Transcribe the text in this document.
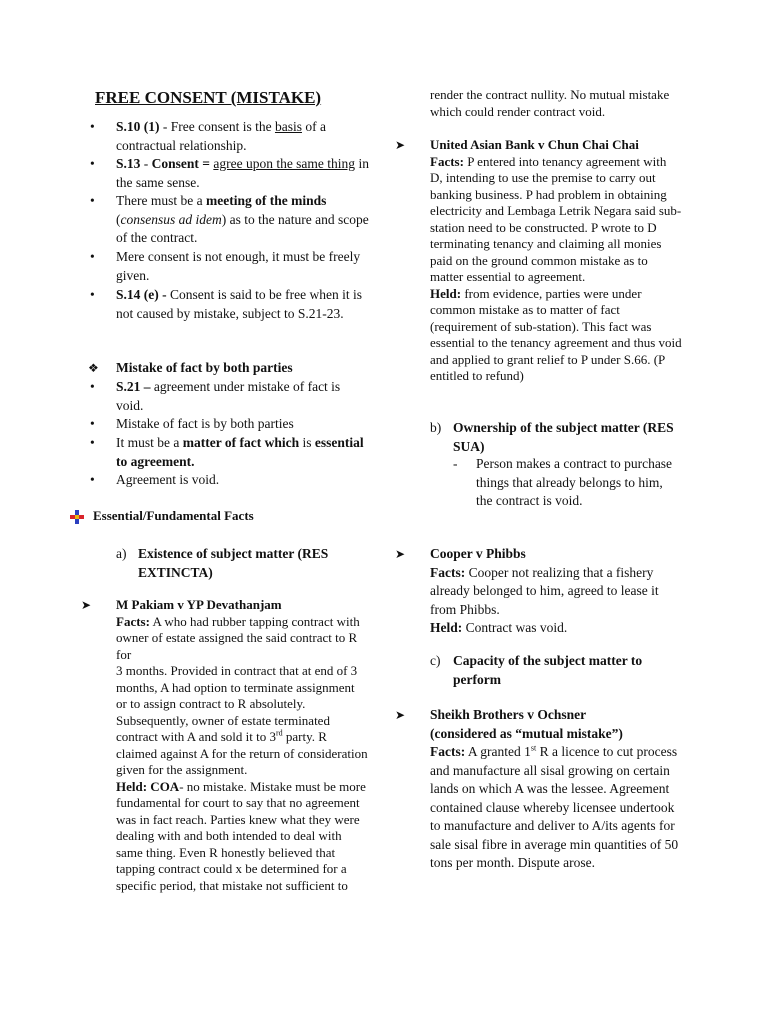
FREE CONSENT (MISTAKE)
• S.10 (1) - Free consent is the basis of a contractual relationship.
• S.13 - Consent = agree upon the same thing in the same sense.
• There must be a meeting of the minds (consensus ad idem) as to the nature and scope of the contract.
• Mere consent is not enough, it must be freely given.
• S.14 (e) - Consent is said to be free when it is not caused by mistake, subject to S.21-23.
❖ Mistake of fact by both parties
• S.21 – agreement under mistake of fact is void.
• Mistake of fact is by both parties
• It must be a matter of fact which is essential to agreement.
• Agreement is void.
Essential/Fundamental Facts
a) Existence of subject matter (RES EXTINCTA)
➤ M Pakiam v YP Devathanjam
Facts: A who had rubber tapping contract with owner of estate assigned the said contract to R for
3 months. Provided in contract that at end of 3 months, A had option to terminate assignment or to assign contract to R absolutely. Subsequently, owner of estate terminated contract with A and sold it to 3rd party. R claimed against A for the return of consideration given for the assignment.
Held: COA- no mistake. Mistake must be more fundamental for court to say that no agreement was in fact reach. Parties knew what they were dealing with and both intended to deal with same thing. Even R honestly believed that tapping contract could x be determined for a specific period, that mistake not sufficient to
render the contract nullity. No mutual mistake which could render contract void.
➤ United Asian Bank v Chun Chai Chai
Facts: P entered into tenancy agreement with D, intending to use the premise to carry out banking business. P had problem in obtaining electricity and Lembaga Letrik Negara said sub-station need to be constructed. P wrote to D terminating tenancy and claiming all monies paid on the ground common mistake as to matter essential to agreement.
Held: from evidence, parties were under common mistake as to matter of fact (requirement of sub-station). This fact was essential to the tenancy agreement and thus void and applied to grant relief to P under S.66. (P entitled to refund)
b) Ownership of the subject matter (RES SUA)
- Person makes a contract to purchase things that already belongs to him, the contract is void.
➤ Cooper v Phibbs
Facts: Cooper not realizing that a fishery already belonged to him, agreed to lease it from Phibbs.
Held: Contract was void.
c) Capacity of the subject matter to perform
➤ Sheikh Brothers v Ochsner
(considered as “mutual mistake”)
Facts: A granted 1st R a licence to cut process and manufacture all sisal growing on certain lands on which A was the lessee. Agreement contained clause whereby licensee undertook to manufacture and deliver to A/its agents for sale sisal fibre in average min quantities of 50 tons per month. Dispute arose.
